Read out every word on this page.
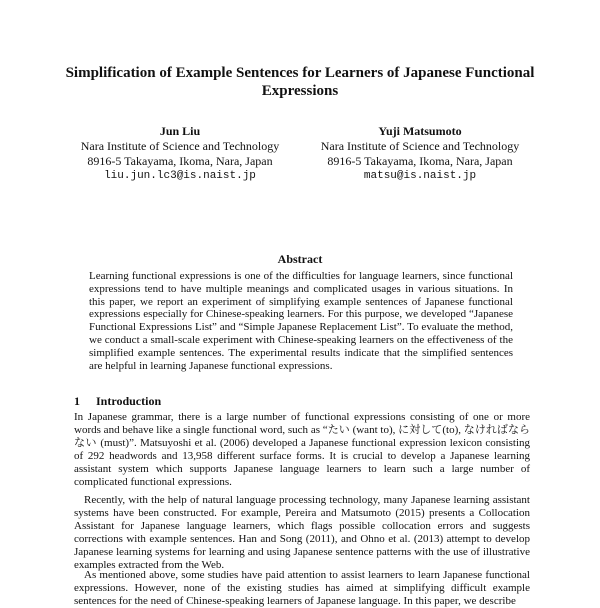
Simplification of Example Sentences for Learners of Japanese Functional Expressions
Jun Liu
Nara Institute of Science and Technology
8916-5 Takayama, Ikoma, Nara, Japan
liu.jun.lc3@is.naist.jp
Yuji Matsumoto
Nara Institute of Science and Technology
8916-5 Takayama, Ikoma, Nara, Japan
matsu@is.naist.jp
Abstract

Learning functional expressions is one of the difficulties for language learners, since functional expressions tend to have multiple meanings and complicated usages in various situations. In this paper, we report an experiment of simplifying example sentences of Japanese functional expressions especially for Chinese-speaking learners. For this purpose, we developed “Japanese Functional Expressions List” and “Simple Japanese Replacement List”. To evaluate the method, we conduct a small-scale experiment with Chinese-speaking learners on the effectiveness of the simplified example sentences. The experimental results indicate that the simplified sentences are helpful in learning Japanese functional expressions.

1 Introduction

In Japanese grammar, there is a large number of functional expressions consisting of one or more words and behave like a single functional word, such as “たい (want to), に対して(to), なければならない (must)”. Matsuyoshi et al. (2006) developed a Japanese functional expression lexicon consisting of 292 headwords and 13,958 different surface forms. It is crucial to develop a Japanese learning assistant system which supports Japanese language learners to learn such a large number of complicated functional expressions.

Recently, with the help of natural language processing technology, many Japanese learning assistant systems have been constructed. For example, Pereira and Matsumoto (2015) presents a Collocation Assistant for Japanese language learners, which flags possible collocation errors and suggests corrections with example sentences. Han and Song (2011), and Ohno et al. (2013) attempt to develop Japanese learning systems for learning and using Japanese sentence patterns with the use of illustrative examples extracted from the Web.

As mentioned above, some studies have paid attention to assist learners to learn Japanese functional expressions. However, none of the existing studies has aimed at simplifying difficult example sentences for the need of Chinese-speaking learners of Japanese language. In this paper, we describe
